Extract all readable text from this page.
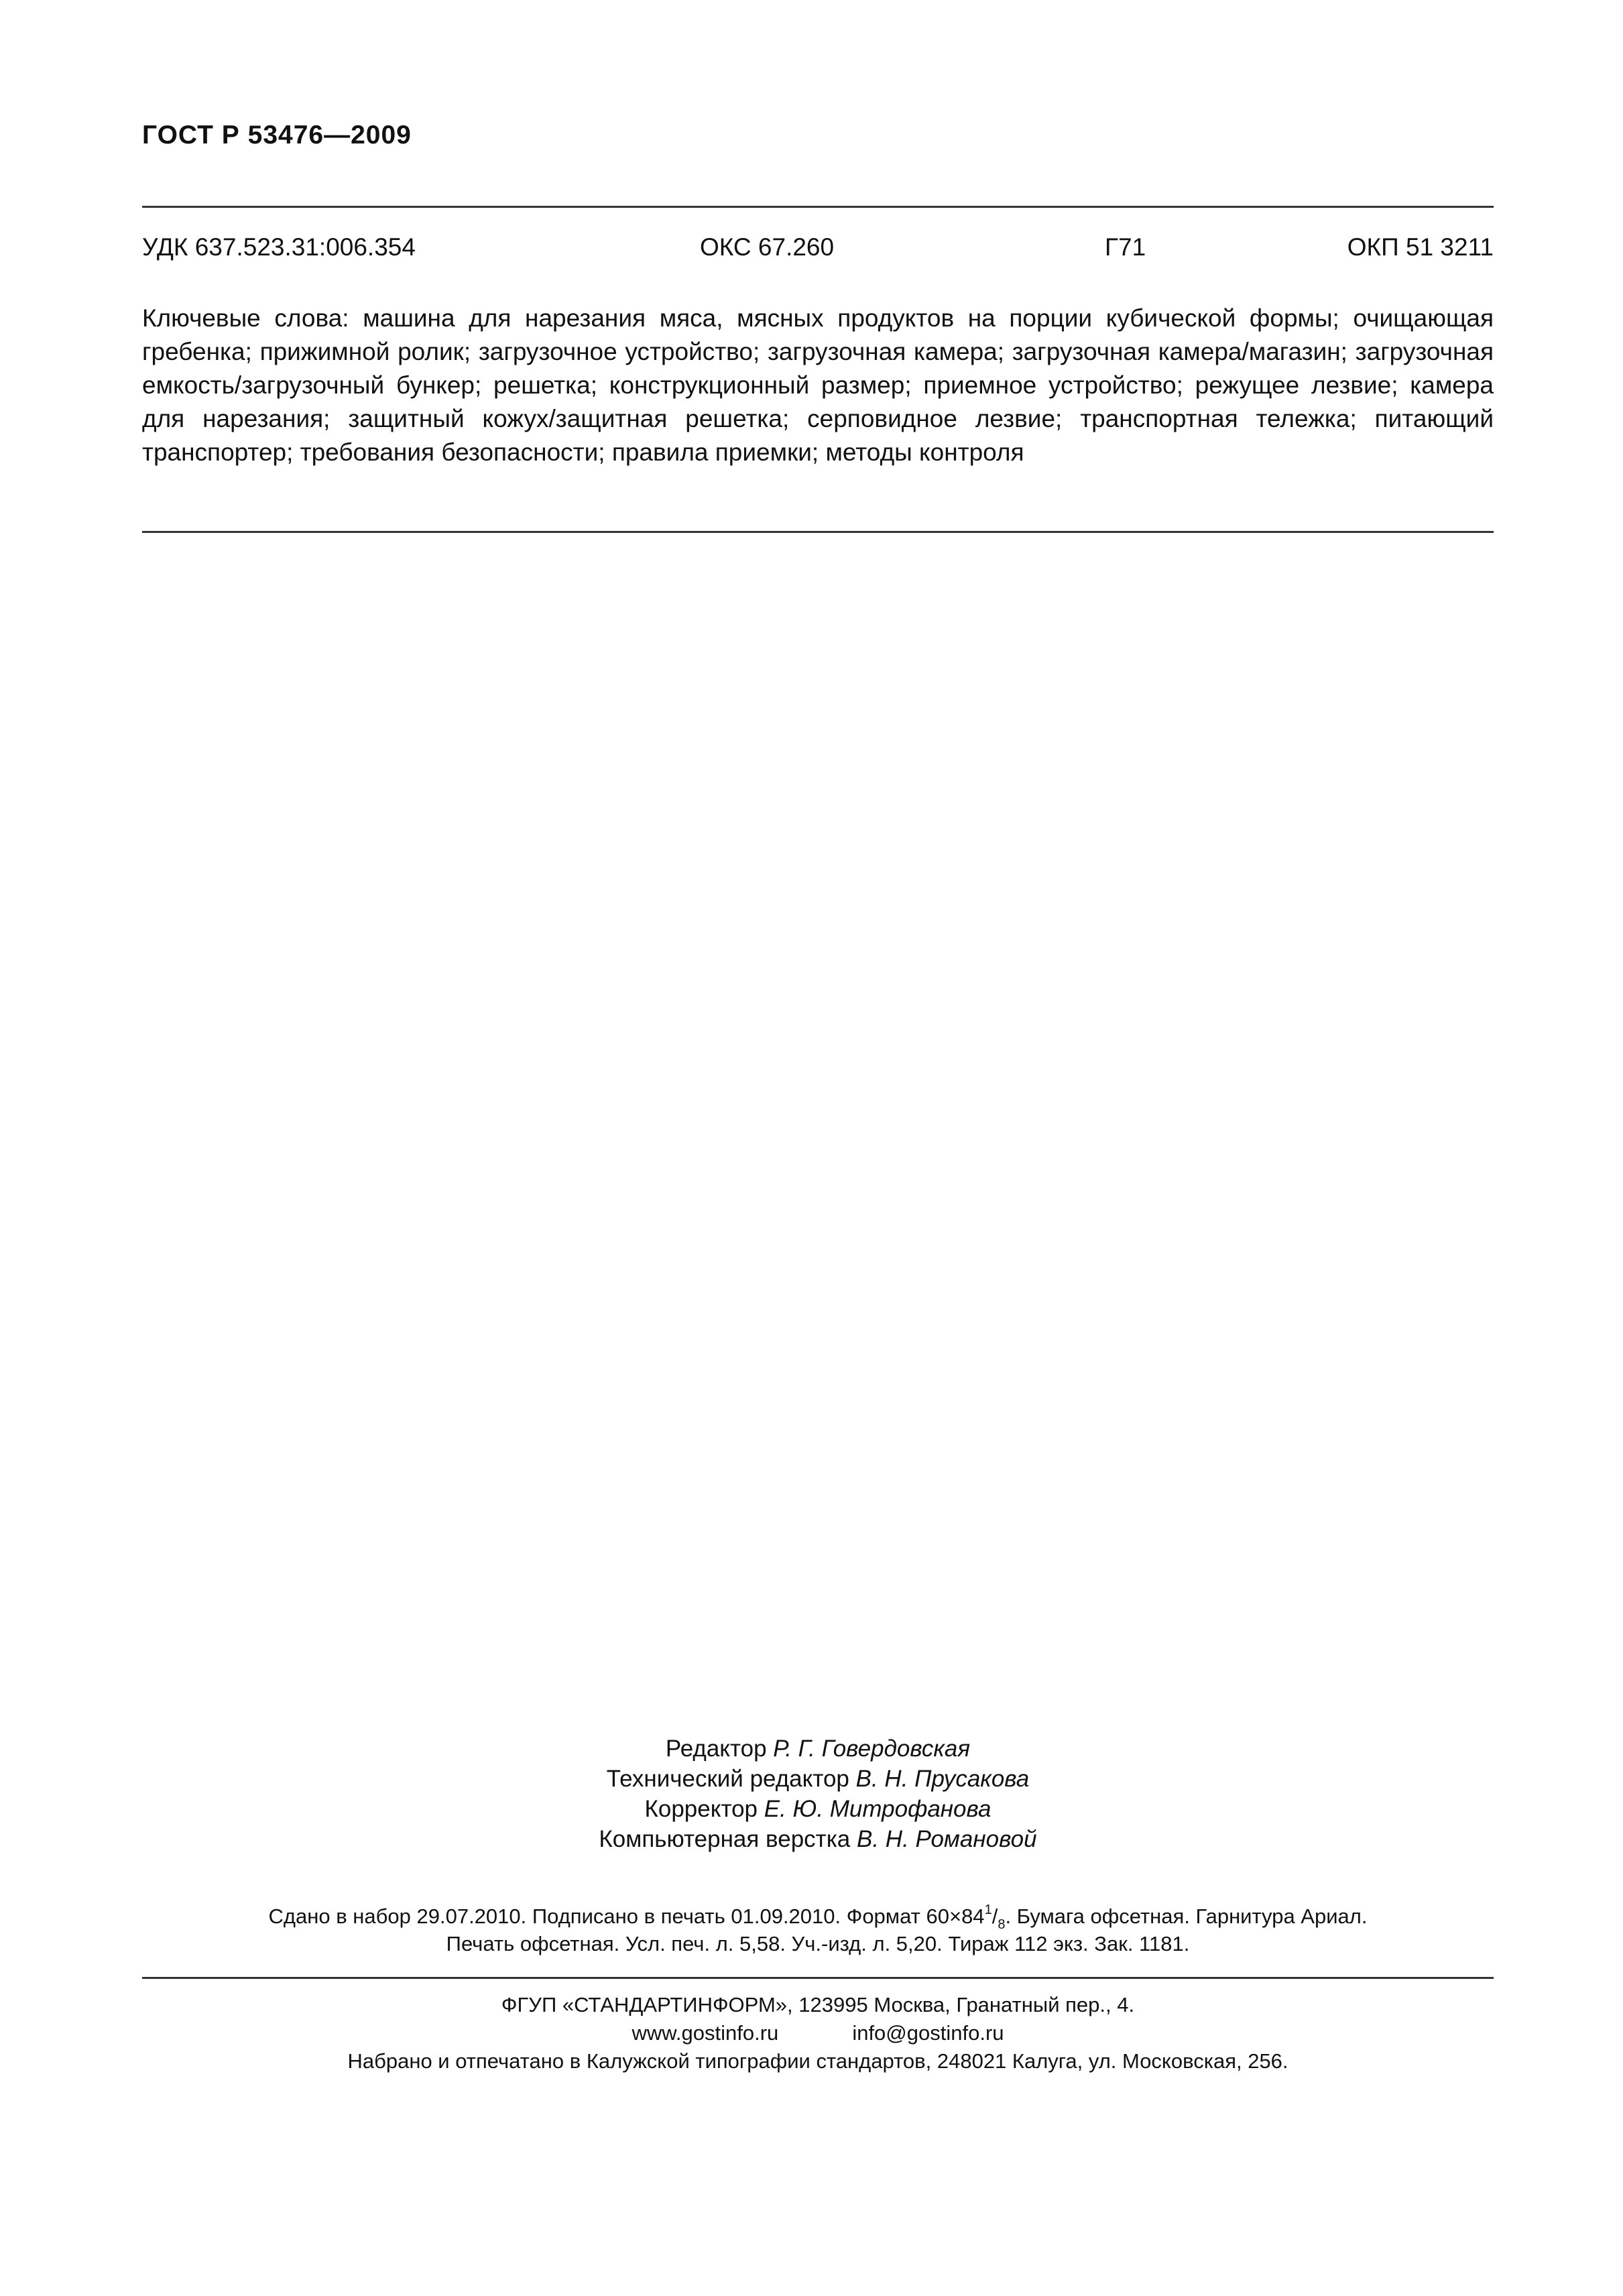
ГОСТ Р 53476—2009
УДК 637.523.31:006.354	ОКС 67.260	Г71	ОКП 51 3211
Ключевые слова: машина для нарезания мяса, мясных продуктов на порции кубической формы; очищающая гребенка; прижимной ролик; загрузочное устройство; загрузочная камера; загрузочная камера/магазин; загрузочная емкость/загрузочный бункер; решетка; конструкционный размер; приемное устройство; режущее лезвие; камера для нарезания; защитный кожух/защитная решетка; серповидное лезвие; транспортная тележка; питающий транспортер; требования безопасности; правила приемки; методы контроля
Редактор Р. Г. Говердовская
Технический редактор В. Н. Прусакова
Корректор Е. Ю. Митрофанова
Компьютерная верстка В. Н. Романовой
Сдано в набор 29.07.2010. Подписано в печать 01.09.2010. Формат $60\times 84^1/_8$. Бумага офсетная. Гарнитура Ариал.
Печать офсетная. Усл. печ. л. 5,58. Уч.-изд. л. 5,20. Тираж 112 экз. Зак. 1181.
ФГУП «СТАНДАРТИНФОРМ», 123995 Москва, Гранатный пер., 4.
www.gostinfo.ru	info@gostinfo.ru
Набрано и отпечатано в Калужской типографии стандартов, 248021 Калуга, ул. Московская, 256.
